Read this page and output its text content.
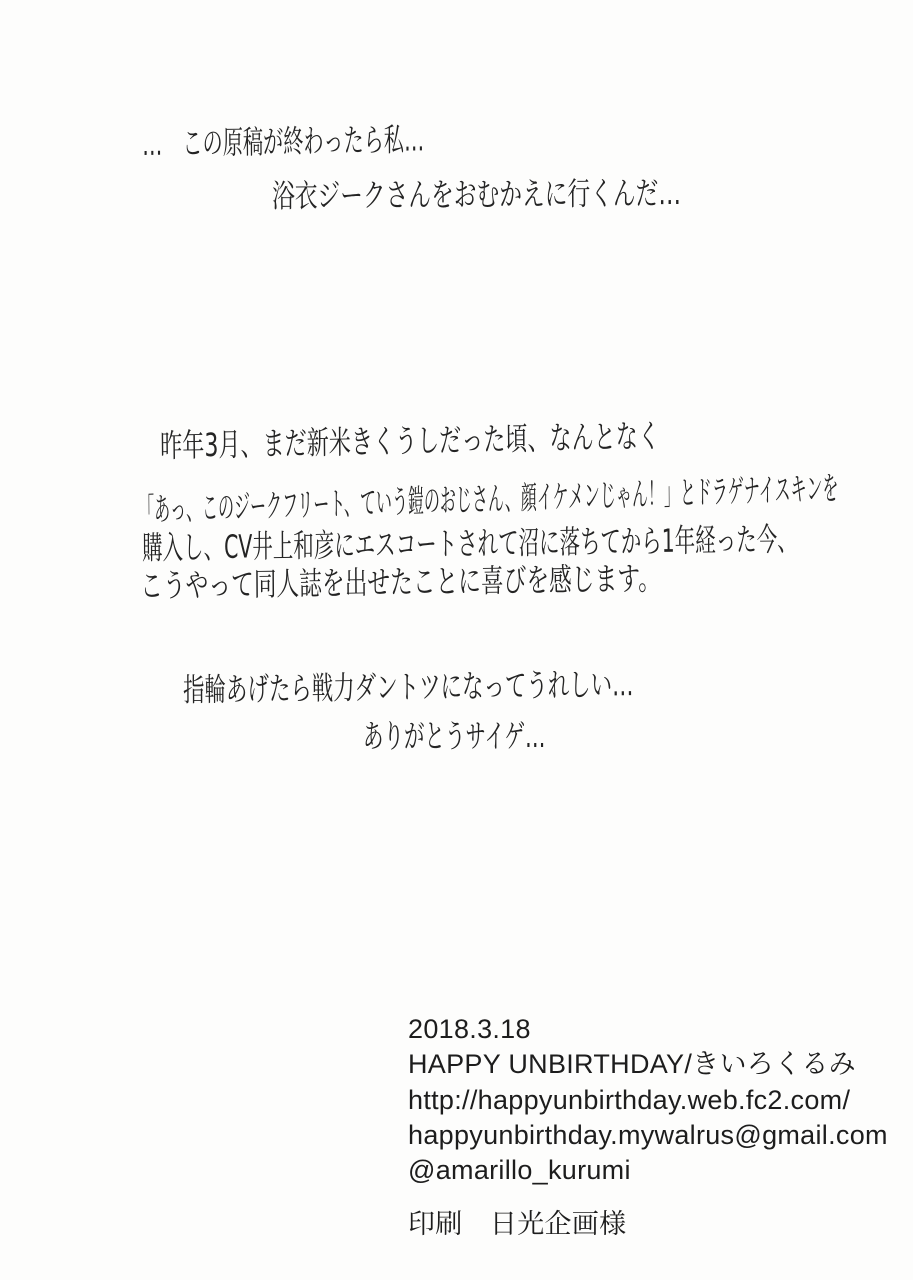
…　この原稿が終わったら私…
浴衣ジークさんをおむかえに行くんだ…
昨年3月、まだ新米きくうしだった頃、なんとなく
「あっ、このジークフリート、ていう鎧のおじさん、顔イケメンじゃん！」とドラゲナイスキンを
購入し、CV井上和彦にエスコートされて沼に落ちてから1年経った今、
こうやって同人誌を出せたことに喜びを感じます。
指輪あげたら戦力ダントツになってうれしい…
ありがとうサイゲ…
2018.3.18
HAPPY UNBIRTHDAY/きいろくるみ
http://happyunbirthday.web.fc2.com/
happyunbirthday.mywalrus@gmail.com
@amarillo_kurumi
印刷　日光企画様
